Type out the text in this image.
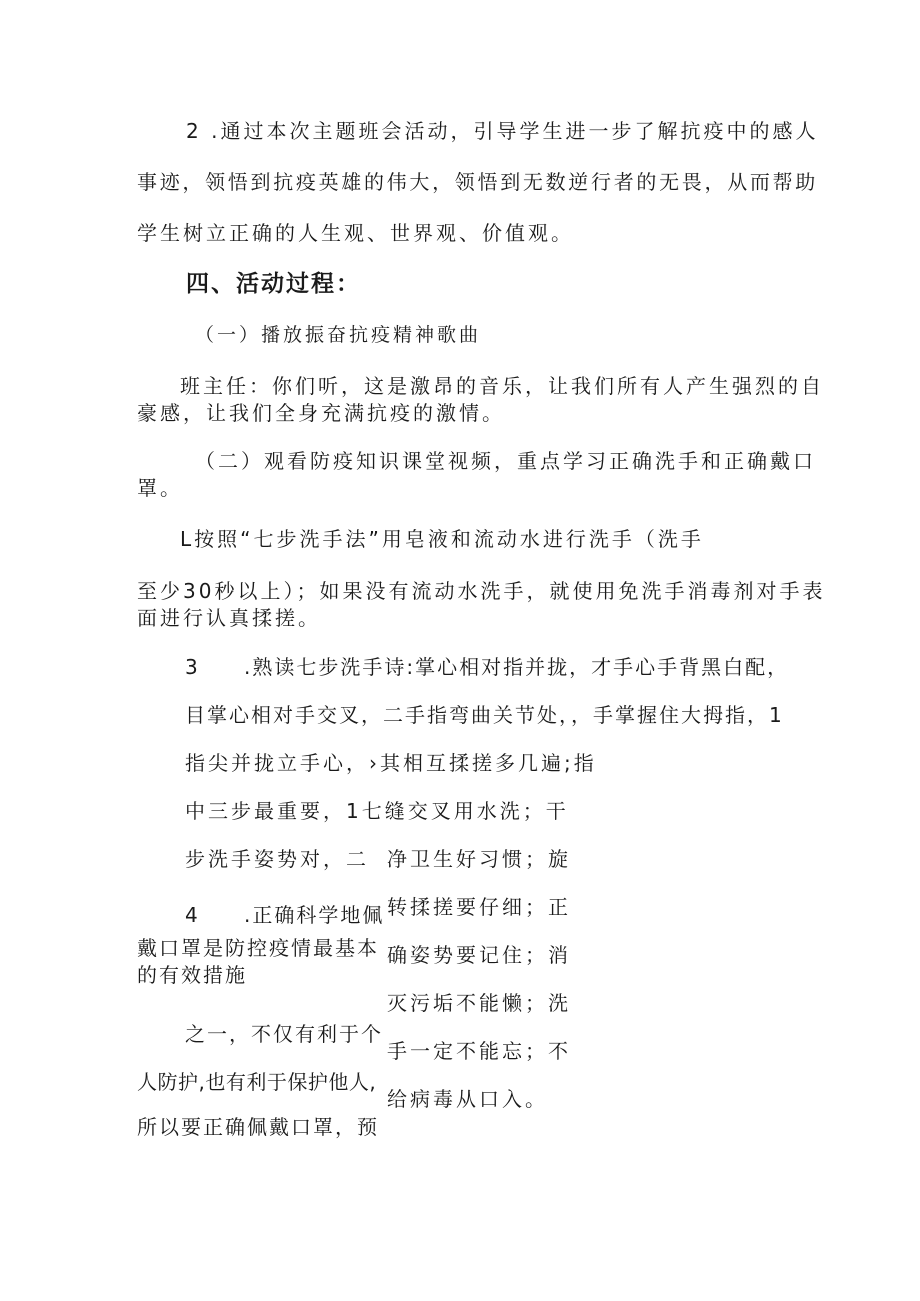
2 .通过本次主题班会活动，引导学生进一步了解抗疫中的感人
事迹，领悟到抗疫英雄的伟大，领悟到无数逆行者的无畏，从而帮助
学生树立正确的人生观、世界观、价值观。
四、活动过程：
（一）播放振奋抗疫精神歌曲
班主任：你们听，这是激昂的音乐，让我们所有人产生强烈的自
豪感，让我们全身充满抗疫的激情。
（二）观看防疫知识课堂视频，重点学习正确洗手和正确戴口
罩。
L按照“七步洗手法”用皂液和流动水进行洗手（洗手
至少30秒以上）；如果没有流动水洗手，就使用免洗手消毒剂对手表
面进行认真揉搓。
3 .熟读七步洗手诗:掌心相对指并拢，才手心手背黑白配，
目掌心相对手交叉，二手指弯曲关节处，，手掌握住大拇指，1
指尖并拢立手心，›其相互揉搓多几遍;指
中三步最重要，1七缝交叉用水洗；干
步洗手姿势对，二 净卫生好习惯；旋
转揉搓要仔细；正
确姿势要记住；消
灭污垢不能懒；洗
手一定不能忘；不
给病毒从口入。
4 .正确科学地佩
戴口罩是防控疫情最基本
的有效措施
之一，不仅有利于个
人防护,也有利于保护他人,
所以要正确佩戴口罩，预
